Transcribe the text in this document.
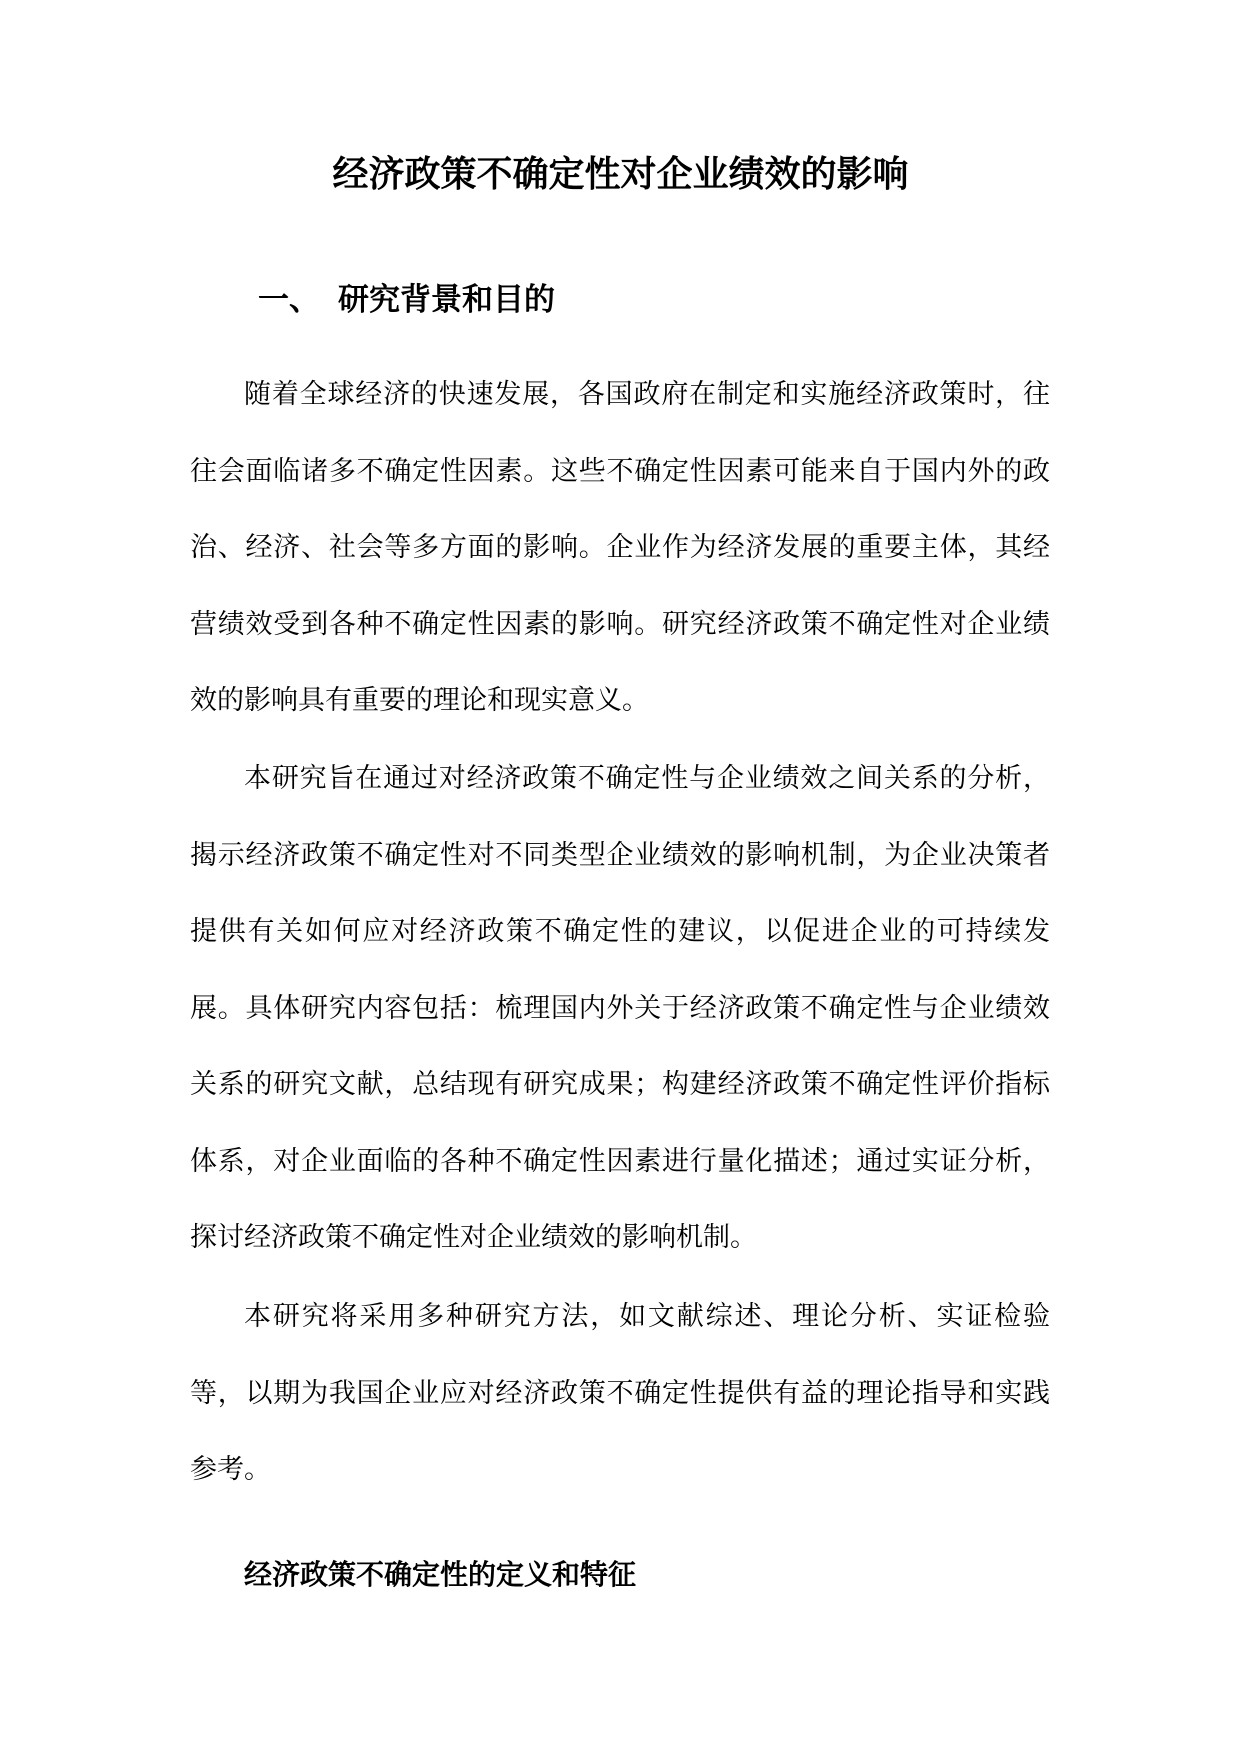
经济政策不确定性对企业绩效的影响
一、 研究背景和目的

随着全球经济的快速发展，各国政府在制定和实施经济政策时，往往会面临诸多不确定性因素。这些不确定性因素可能来自于国内外的政治、经济、社会等多方面的影响。企业作为经济发展的重要主体，其经营绩效受到各种不确定性因素的影响。研究经济政策不确定性对企业绩效的影响具有重要的理论和现实意义。

本研究旨在通过对经济政策不确定性与企业绩效之间关系的分析，揭示经济政策不确定性对不同类型企业绩效的影响机制，为企业决策者提供有关如何应对经济政策不确定性的建议，以促进企业的可持续发展。具体研究内容包括：梳理国内外关于经济政策不确定性与企业绩效关系的研究文献，总结现有研究成果；构建经济政策不确定性评价指标体系，对企业面临的各种不确定性因素进行量化描述；通过实证分析，探讨经济政策不确定性对企业绩效的影响机制。

本研究将采用多种研究方法，如文献综述、理论分析、实证检验等，以期为我国企业应对经济政策不确定性提供有益的理论指导和实践参考。

经济政策不确定性的定义和特征
